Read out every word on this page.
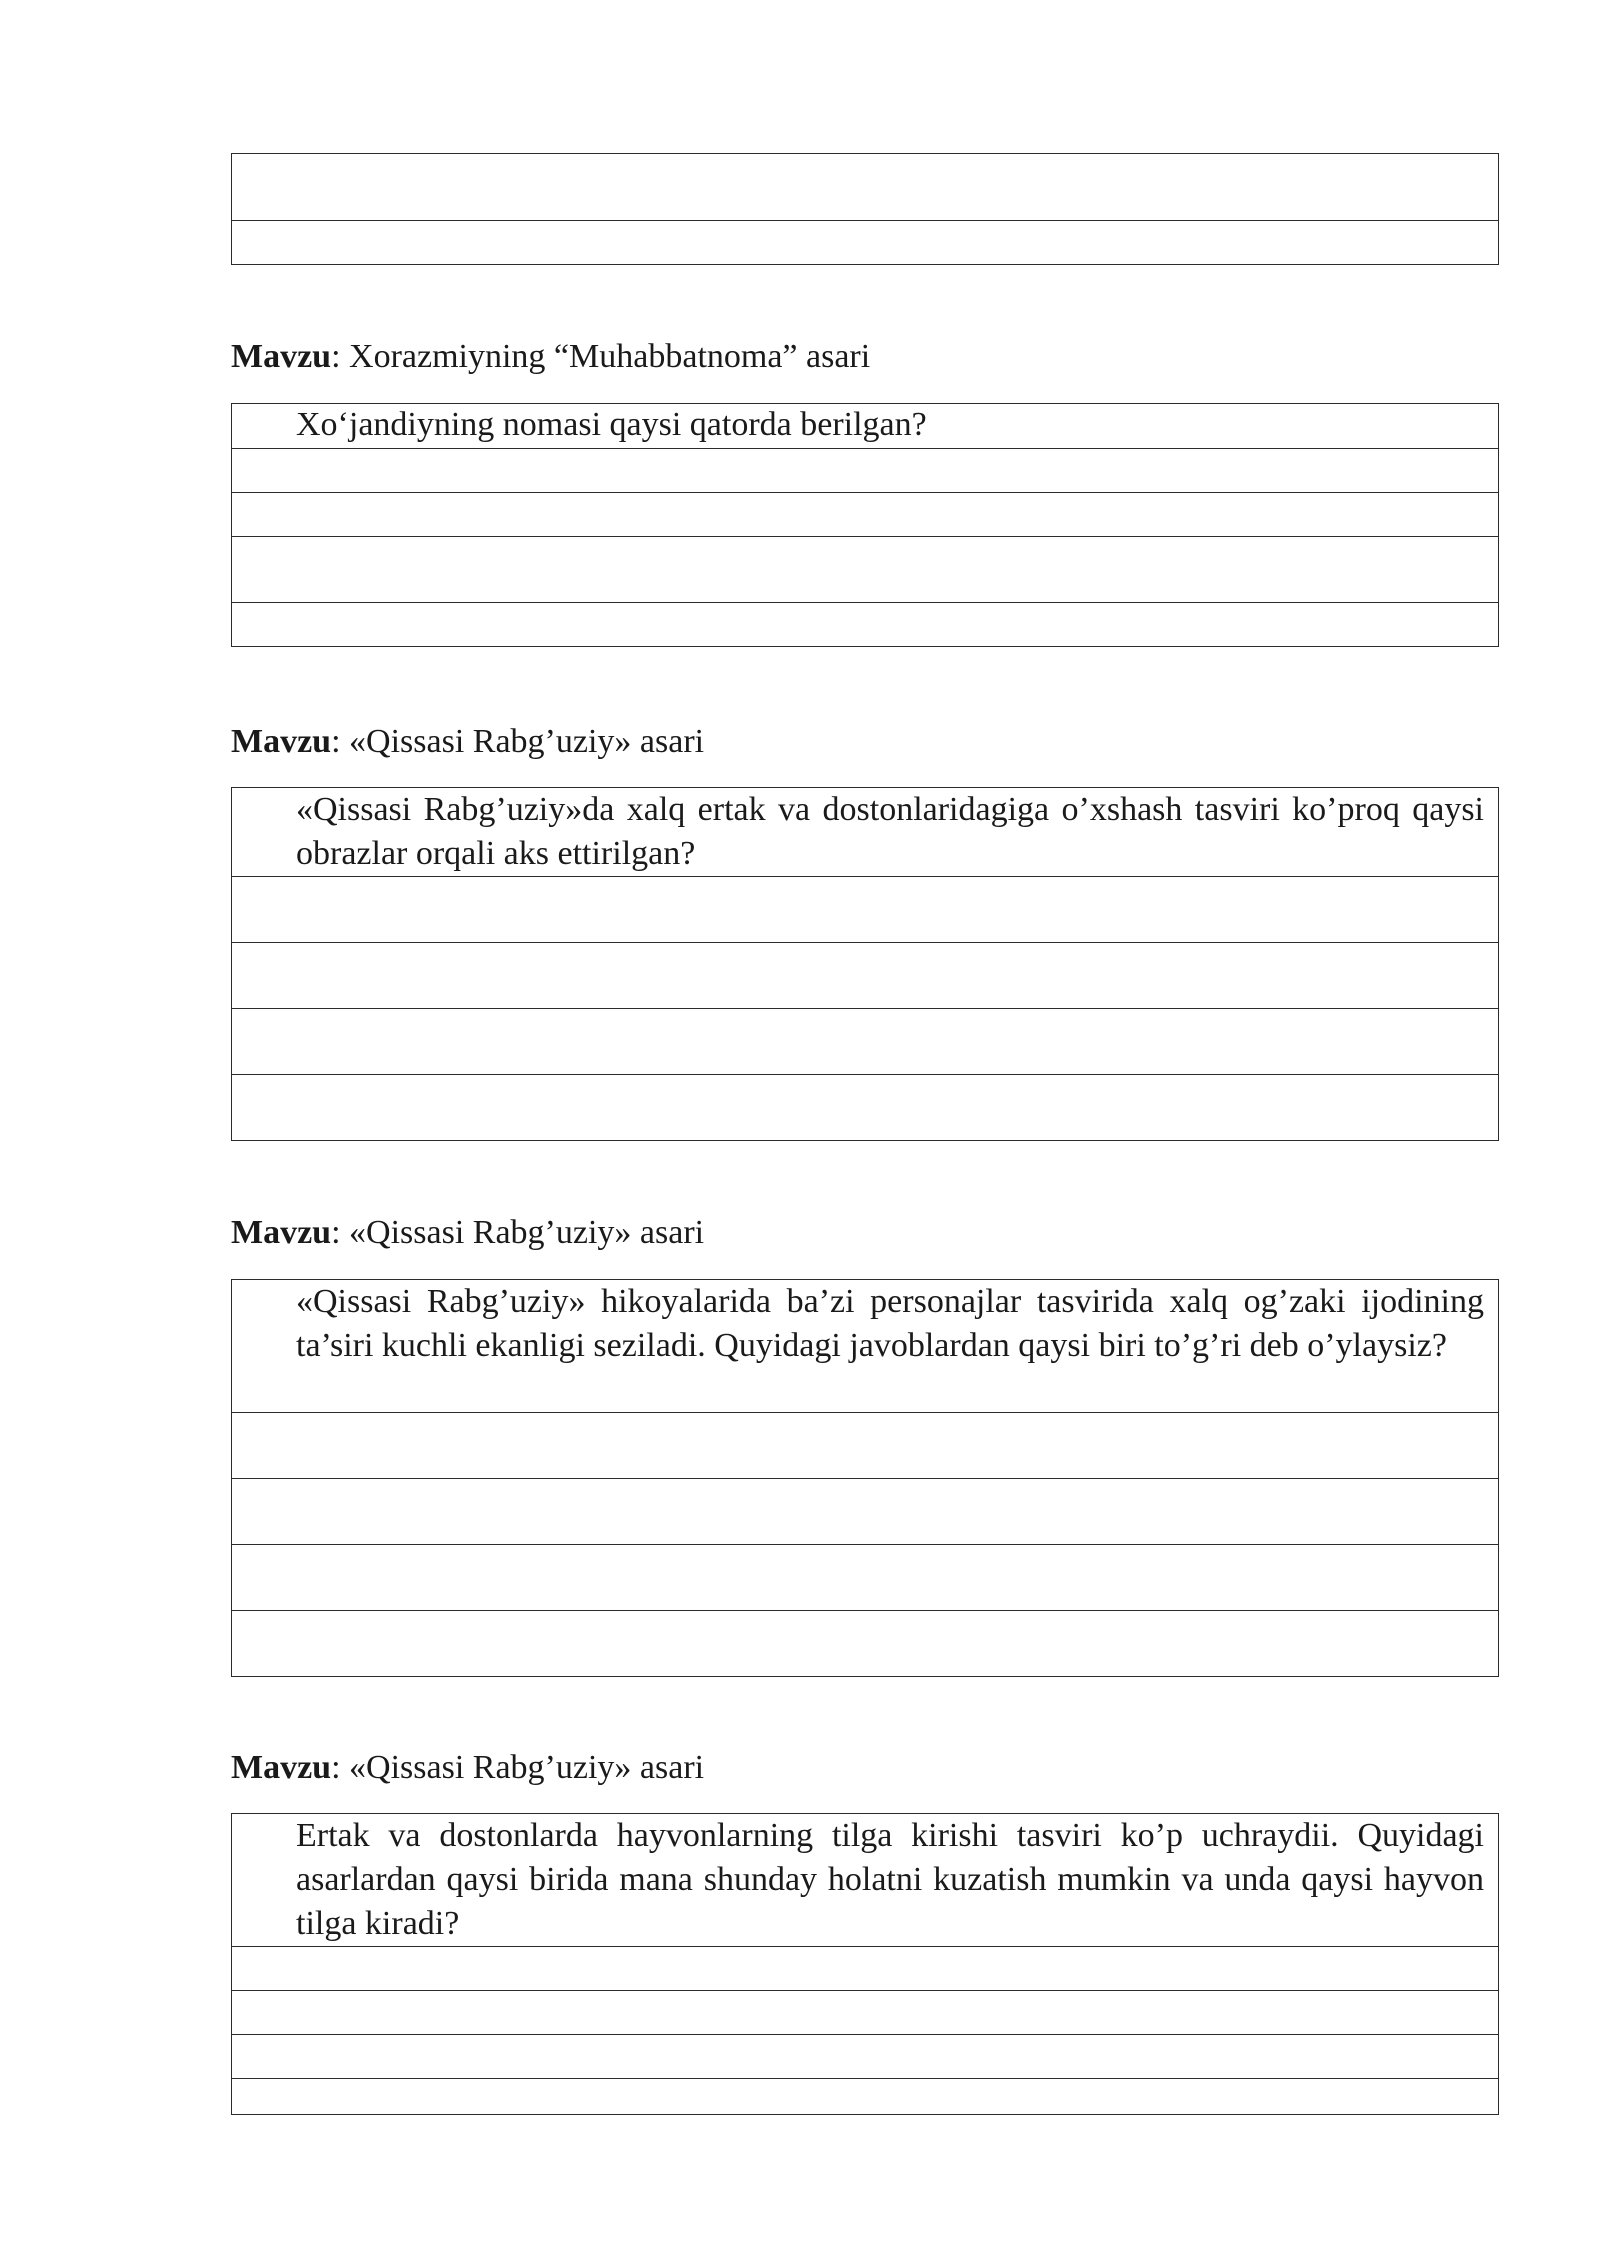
Mavzu: Xorazmiyning “Muhabbatnoma” asari
Xo‘jandiyning nomasi qaysi qatorda berilgan?
Mavzu: «Qissasi Rabg’uziy» asari
«Qissasi Rabg’uziy»da xalq ertak va dostonlaridagiga o’xshash tasviri ko’proq qaysi obrazlar orqali aks ettirilgan?
Mavzu: «Qissasi Rabg’uziy» asari
«Qissasi Rabg’uziy» hikoyalarida ba’zi personajlar tasvirida xalq og’zaki ijodining ta’siri kuchli ekanligi seziladi. Quyidagi javoblardan qaysi biri to’g’ri deb o’ylaysiz?
Mavzu: «Qissasi Rabg’uziy» asari
Ertak va dostonlarda hayvonlarning tilga kirishi tasviri ko’p uchraydii. Quyidagi asarlardan qaysi birida mana shunday holatni kuzatish mumkin va unda qaysi hayvon tilga kiradi?
